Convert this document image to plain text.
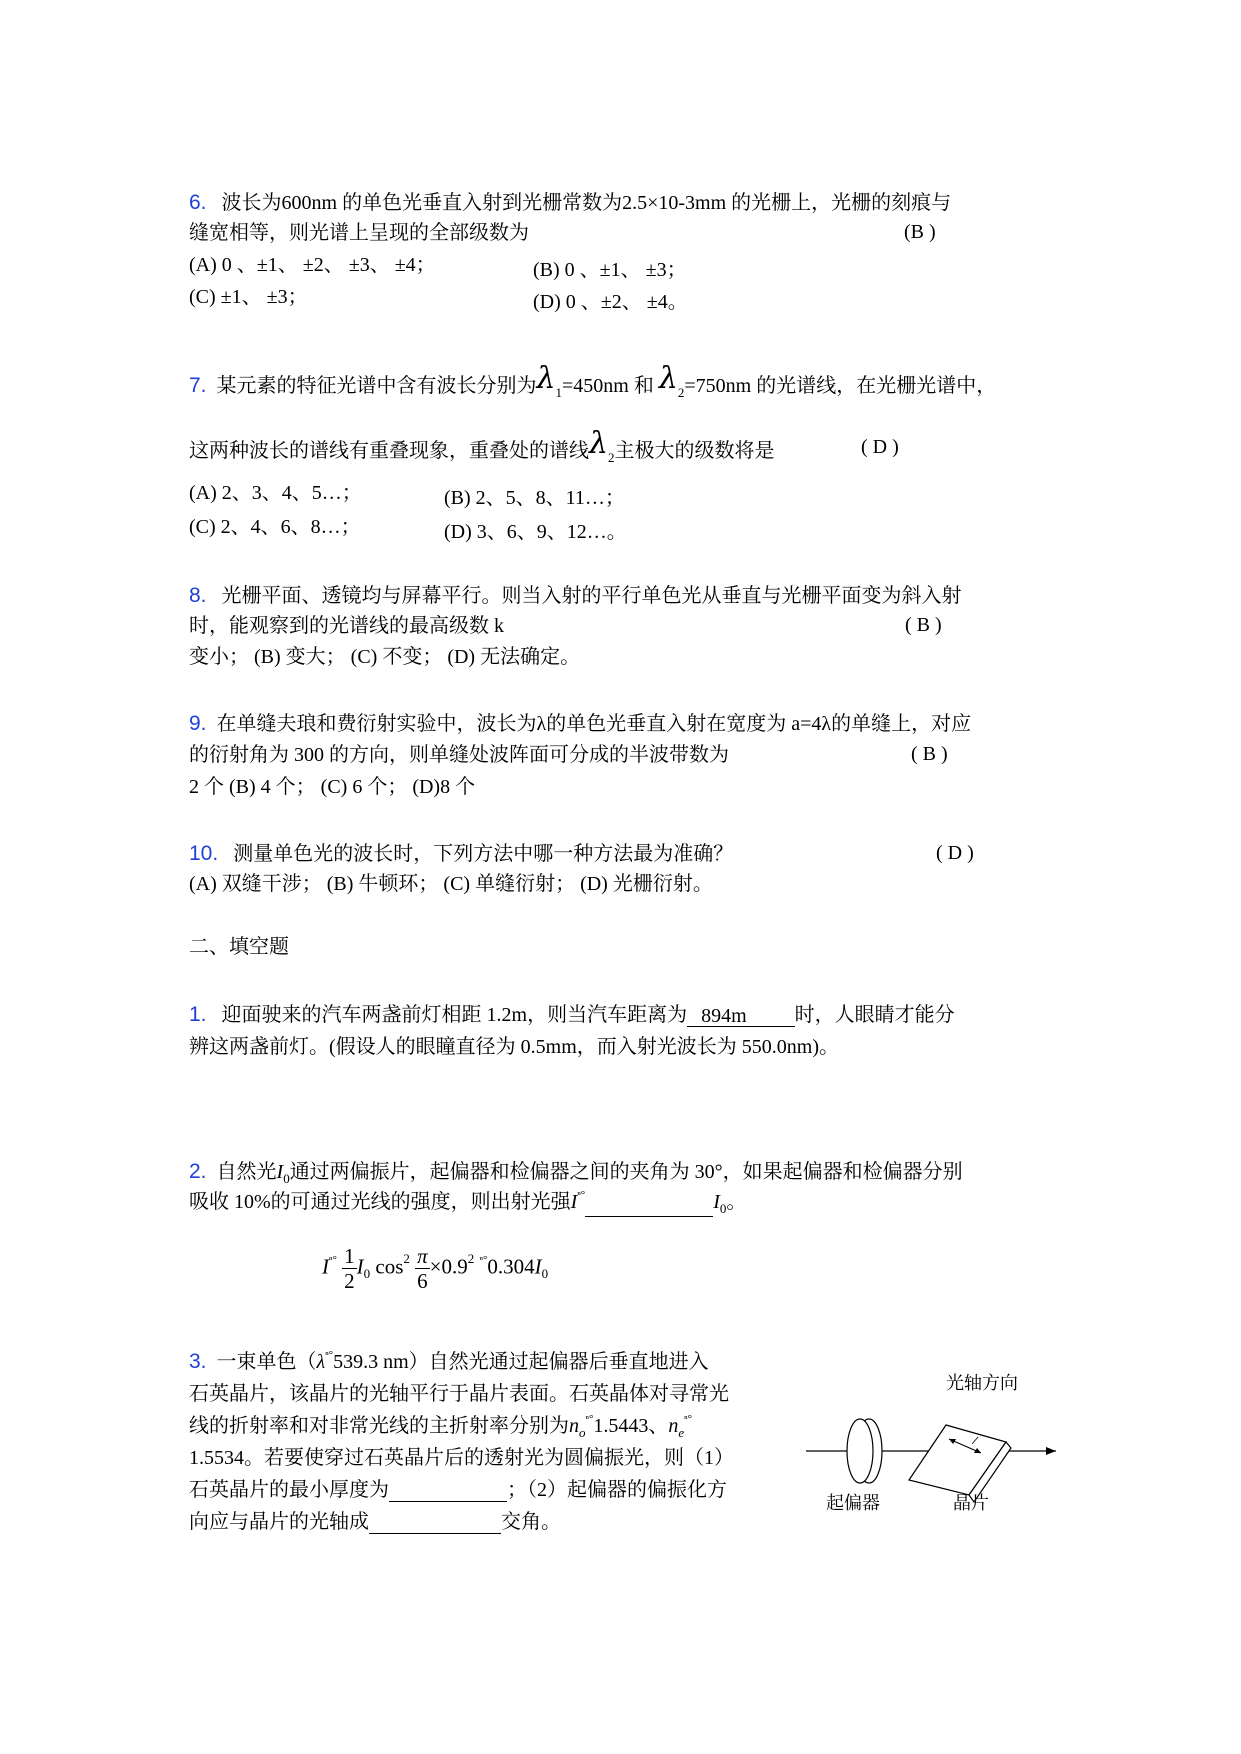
6. 波长为600nm 的单色光垂直入射到光栅常数为2.5×10-3mm 的光栅上，光栅的刻痕与
缝宽相等，则光谱上呈现的全部级数为	(B )
(A) 0 、±1、 ±2、 ±3、 ±4；	(B) 0 、±1、 ±3；
(C) ±1、 ±3；	(D) 0 、±2、 ±4。
7. 某元素的特征光谱中含有波长分别为$\lambda_1=450nm$ 和 $\lambda_2=750nm$ 的光谱线，在光栅光谱中，
这两种波长的谱线有重叠现象，重叠处的谱线$\lambda_2$主极大的级数将是	( D )
(A) 2、3、4、5…；	(B) 2、5、8、11…；
(C) 2、4、6、8…；	(D) 3、6、9、12…。
8. 光栅平面、透镜均与屏幕平行。则当入射的平行单色光从垂直与光栅平面变为斜入射
时，能观察到的光谱线的最高级数 k	( B )
变小； (B) 变大； (C) 不变； (D) 无法确定。
9. 在单缝夫琅和费衍射实验中，波长为λ的单色光垂直入射在宽度为 a=4λ的单缝上，对应
的衍射角为 300 的方向，则单缝处波阵面可分成的半波带数为	( B )
2 个 (B) 4 个； (C) 6 个； (D)8 个
10. 测量单色光的波长时，下列方法中哪一种方法最为准确？	( D )
(A) 双缝干涉； (B) 牛顿环； (C) 单缝衍射； (D) 光栅衍射。
二、填空题
1. 迎面驶来的汽车两盏前灯相距 1.2m，则当汽车距离为 894m 时，人眼睛才能分
辨这两盏前灯。(假设人的眼瞳直径为 0.5mm，而入射光波长为 550.0nm)。
2. 自然光$I_0$通过两偏振片，起偏器和检偏器之间的夹角为 30°，如果起偏器和检偏器分别
吸收 10%的可通过光线的强度，则出射光强$I^{^n^\circ}$	$I_0$。
$I^{^n^\circ} \frac{1}{2} I_0$ $\cos^2 \frac{\pi}{6} \times 0.9^2$ $^{^n^\circ}0.304I_0$
3. 一束单色（$\lambda^{^n^\circ}539.3$ nm）自然光通过起偏器后垂直地进入
石英晶片，该晶片的光轴平行于晶片表面。石英晶体对寻常光
线的折射率和对非常光线的主折射率分别为$n_o^{^n^\circ}1.5443$、$n_e^{^n^\circ}$
1.5534。若要使穿过石英晶片后的透射光为圆偏振光，则（1）
石英晶片的最小厚度为	；（2）起偏器的偏振化方
向应与晶片的光轴成	交角。
光轴方向
起偏器	晶片
